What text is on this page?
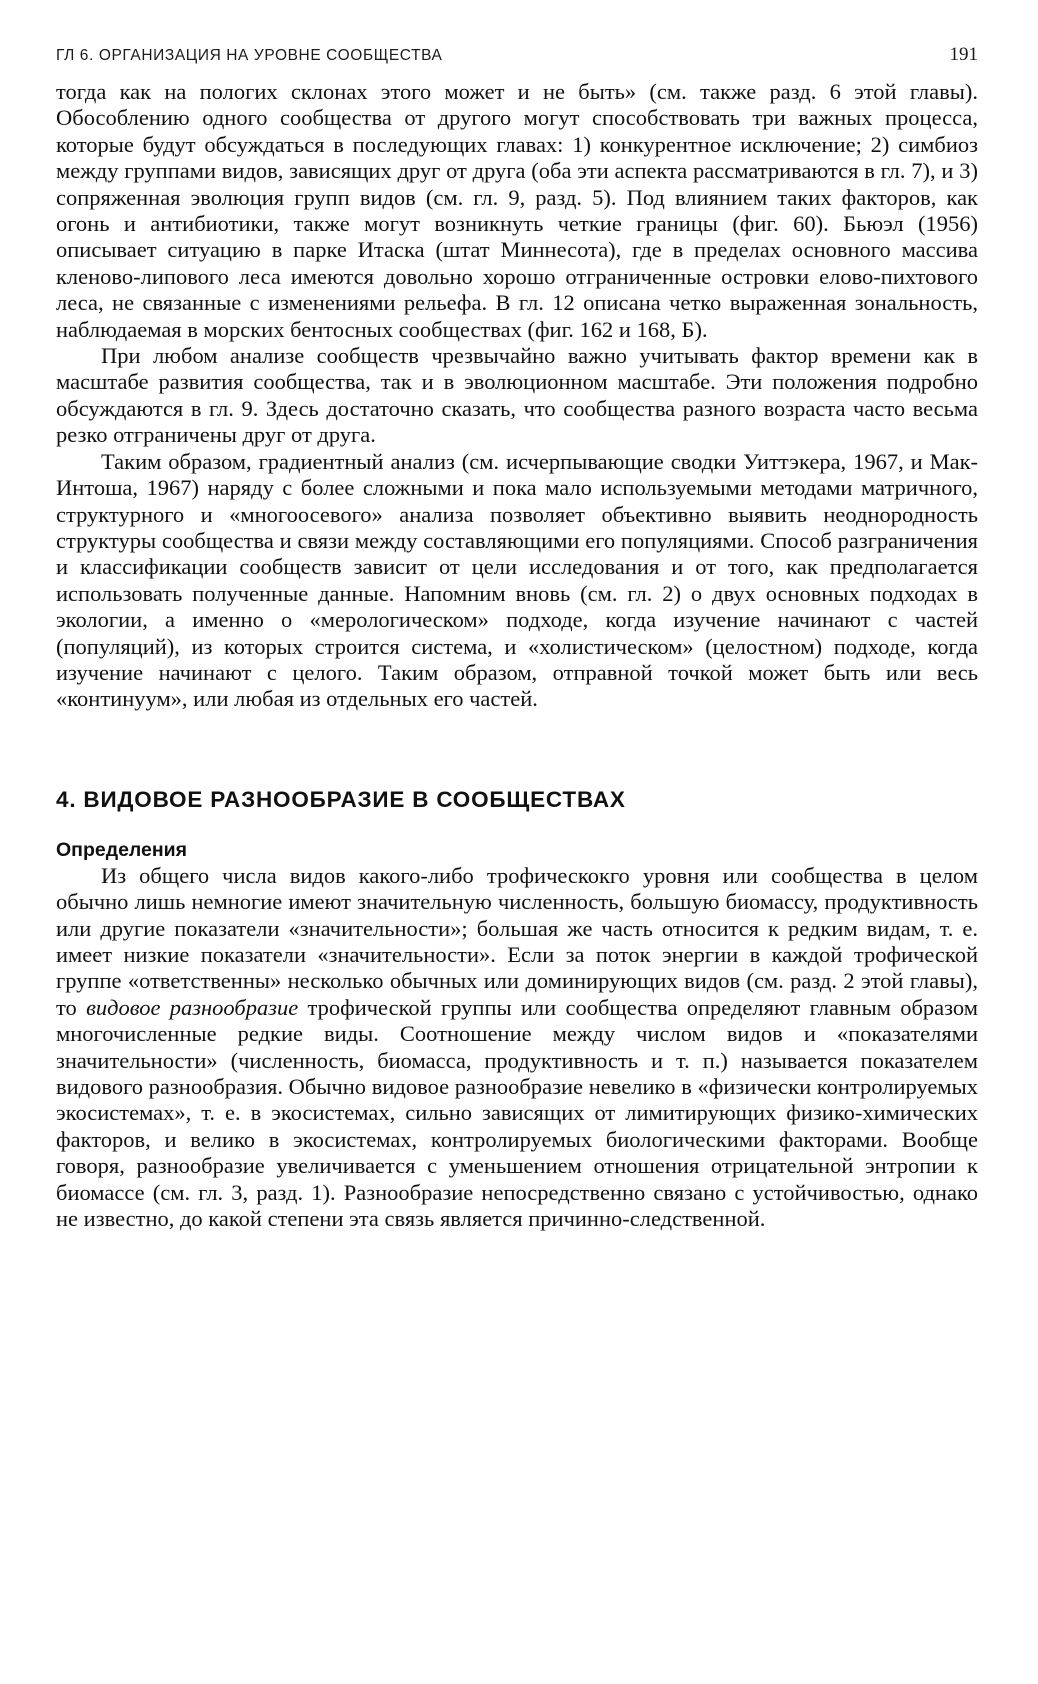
ГЛ 6. ОРГАНИЗАЦИЯ НА УРОВНЕ СООБЩЕСТВА	191

тогда как на пологих склонах этого может и не быть» (см. также разд. 6 этой главы). Обособлению одного сообщества от другого могут способствовать три важных процесса, которые будут обсуждаться в последующих главах: 1) конкурентное исключение; 2) симбиоз между группами видов, зависящих друг от друга (оба эти аспекта рассматриваются в гл. 7), и 3) сопряженная эволюция групп видов (см. гл. 9, разд. 5). Под влиянием таких факторов, как огонь и антибиотики, также могут возникнуть четкие границы (фиг. 60). Бьюэл (1956) описывает ситуацию в парке Итаска (штат Миннесота), где в пределах основного массива кленово-липового леса имеются довольно хорошо отграниченные островки елово-пихтового леса, не связанные с изменениями рельефа. В гл. 12 описана четко выраженная зональность, наблюдаемая в морских бентосных сообществах (фиг. 162 и 168, Б).

При любом анализе сообществ чрезвычайно важно учитывать фактор времени как в масштабе развития сообщества, так и в эволюционном масштабе. Эти положения подробно обсуждаются в гл. 9. Здесь достаточно сказать, что сообщества разного возраста часто весьма резко отграничены друг от друга.

Таким образом, градиентный анализ (см. исчерпывающие сводки Уиттэкера, 1967, и Мак-Интоша, 1967) наряду с более сложными и пока мало используемыми методами матричного, структурного и «многоосевого» анализа позволяет объективно выявить неоднородность структуры сообщества и связи между составляющими его популяциями. Способ разграничения и классификации сообществ зависит от цели исследования и от того, как предполагается использовать полученные данные. Напомним вновь (см. гл. 2) о двух основных подходах в экологии, а именно о «мерологическом» подходе, когда изучение начинают с частей (популяций), из которых строится система, и «холистическом» (целостном) подходе, когда изучение начинают с целого. Таким образом, отправной точкой может быть или весь «континуум», или любая из отдельных его частей.

4. ВИДОВОЕ РАЗНООБРАЗИЕ В СООБЩЕСТВАХ
Определения

Из общего числа видов какого-либо трофическокго уровня или сообщества в целом обычно лишь немногие имеют значительную численность, большую биомассу, продуктивность или другие показатели «значительности»; большая же часть относится к редким видам, т. е. имеет низкие показатели «значительности». Если за поток энергии в каждой трофической группе «ответственны» несколько обычных или доминирующих видов (см. разд. 2 этой главы), то видовое разнообразие трофической группы или сообщества определяют главным образом многочисленные редкие виды. Соотношение между числом видов и «показателями значительности» (численность, биомасса, продуктивность и т. п.) называется показателем видового разнообразия. Обычно видовое разнообразие невелико в «физически контролируемых экосистемах», т. е. в экосистемах, сильно зависящих от лимитирующих физико-химических факторов, и велико в экосистемах, контролируемых биологическими факторами. Вообще говоря, разнообразие увеличивается с уменьшением отношения отрицательной энтропии к биомассе (см. гл. 3, разд. 1). Разнообразие непосредственно связано с устойчивостью, однако не известно, до какой степени эта связь является причинно-следственной.
